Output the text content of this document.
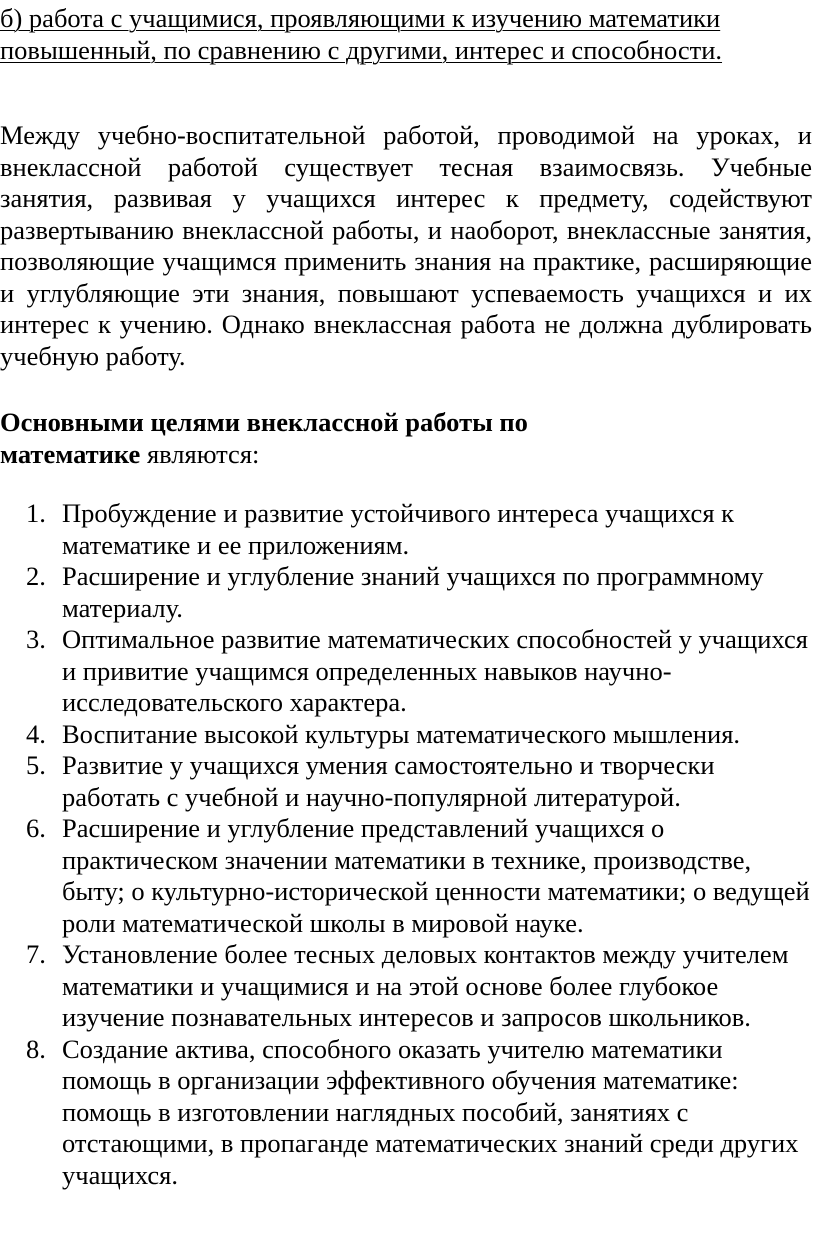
б) работа с учащимися, проявляющими к изучению математики повышенный, по сравнению с другими, интерес и способности.

Между учебно-воспитательной работой, проводимой на уроках, и внеклассной работой существует тесная взаимосвязь. Учебные занятия, развивая у учащихся интерес к предмету, содействуют развертыванию внеклассной работы, и наоборот, внеклассные занятия, позволяющие учащимся применить знания на практике, расширяющие и углубляющие эти знания, повышают успеваемость учащихся и их интерес к учению. Однако внеклассная работа не должна дублировать учебную работу.

Основными целями внеклассной работы по математике являются:

1. Пробуждение и развитие устойчивого интереса учащихся к математике и ее приложениям.
2. Расширение и углубление знаний учащихся по программному материалу.
3. Оптимальное развитие математических способностей у учащихся и привитие учащимся определенных навыков научно-исследовательского характера.
4. Воспитание высокой культуры математического мышления.
5. Развитие у учащихся умения самостоятельно и творчески работать с учебной и научно-популярной литературой.
6. Расширение и углубление представлений учащихся о практическом значении математики в технике, производстве, быту; о культурно-исторической ценности математики; о ведущей роли математической школы в мировой науке.
7. Установление более тесных деловых контактов между учителем математики и учащимися и на этой основе более глубокое изучение познавательных интересов и запросов школьников.
8. Создание актива, способного оказать учителю математики помощь в организации эффективного обучения математике: помощь в изготовлении наглядных пособий, занятиях с отстающими, в пропаганде математических знаний среди других учащихся.
